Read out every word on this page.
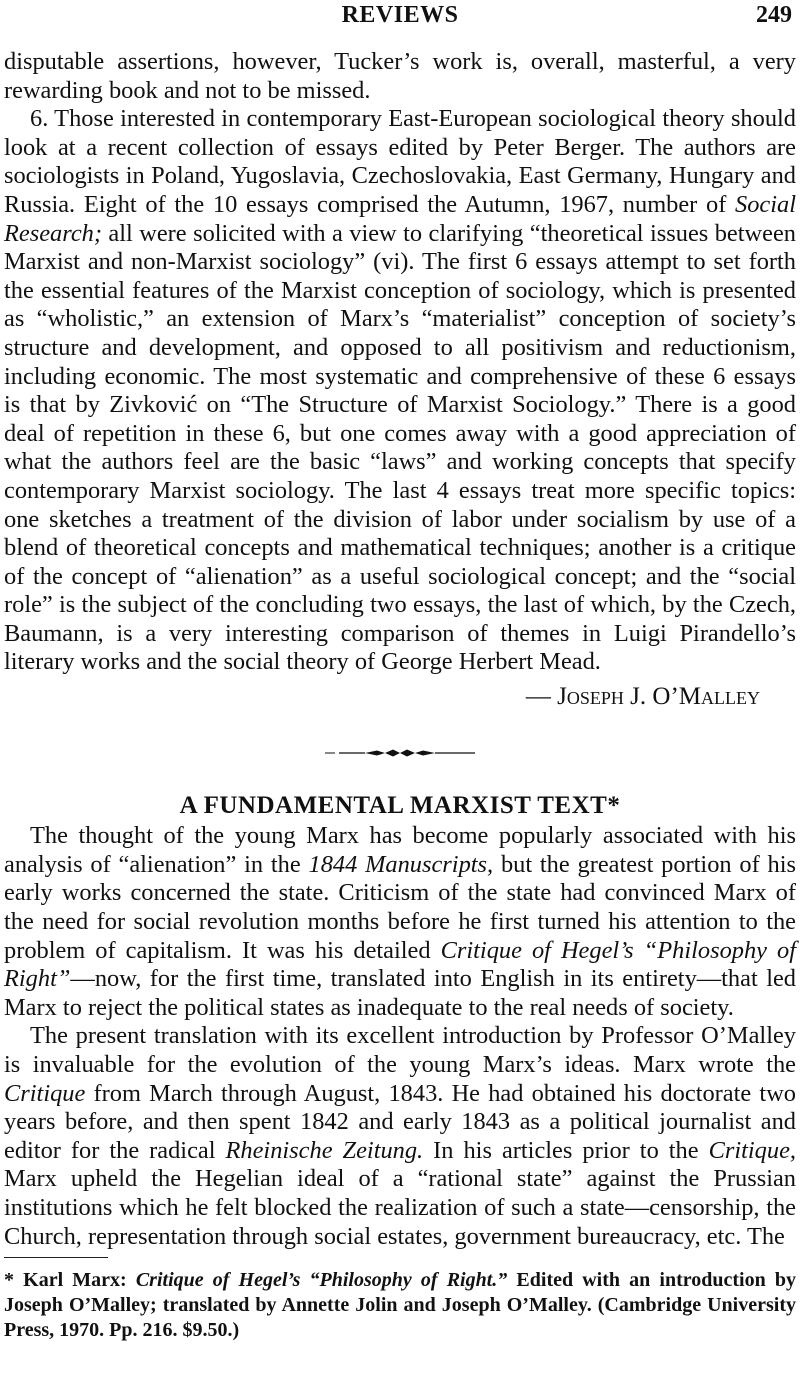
REVIEWS	249

disputable assertions, however, Tucker’s work is, overall, masterful, a very rewarding book and not to be missed.

6. Those interested in contemporary East-European sociological theory should look at a recent collection of essays edited by Peter Berger. The authors are sociologists in Poland, Yugoslavia, Czechoslovakia, East Germany, Hungary and Russia. Eight of the 10 essays comprised the Autumn, 1967, number of Social Research; all were solicited with a view to clarifying “theoretical issues between Marxist and non-Marxist sociology” (vi). The first 6 essays attempt to set forth the essential features of the Marxist conception of sociology, which is presented as “wholistic,” an extension of Marx’s “materialist” conception of society’s structure and development, and opposed to all positivism and reductionism, including economic. The most systematic and comprehensive of these 6 essays is that by Zivković on “The Structure of Marxist Sociology.” There is a good deal of repetition in these 6, but one comes away with a good appreciation of what the authors feel are the basic “laws” and working concepts that specify contemporary Marxist sociology. The last 4 essays treat more specific topics: one sketches a treatment of the division of labor under socialism by use of a blend of theoretical concepts and mathematical techniques; another is a critique of the concept of “alienation” as a useful sociological concept; and the “social role” is the subject of the concluding two essays, the last of which, by the Czech, Baumann, is a very interesting comparison of themes in Luigi Pirandello’s literary works and the social theory of George Herbert Mead.

— Joseph J. O’Malley
A FUNDAMENTAL MARXIST TEXT*

The thought of the young Marx has become popularly associated with his analysis of “alienation” in the 1844 Manuscripts, but the greatest portion of his early works concerned the state. Criticism of the state had convinced Marx of the need for social revolution months before he first turned his attention to the problem of capitalism. It was his detailed Critique of Hegel’s “Philosophy of Right”—now, for the first time, translated into English in its entirety—that led Marx to reject the political states as inadequate to the real needs of society.

The present translation with its excellent introduction by Professor O’Malley is invaluable for the evolution of the young Marx’s ideas. Marx wrote the Critique from March through August, 1843. He had obtained his doctorate two years before, and then spent 1842 and early 1843 as a political journalist and editor for the radical Rheinische Zeitung. In his articles prior to the Critique, Marx upheld the Hegelian ideal of a “rational state” against the Prussian institutions which he felt blocked the realization of such a state—censorship, the Church, representation through social estates, government bureaucracy, etc. The

* Karl Marx: Critique of Hegel’s “Philosophy of Right.” Edited with an introduction by Joseph O’Malley; translated by Annette Jolin and Joseph O’Malley. (Cambridge University Press, 1970. Pp. 216. $9.50.)
